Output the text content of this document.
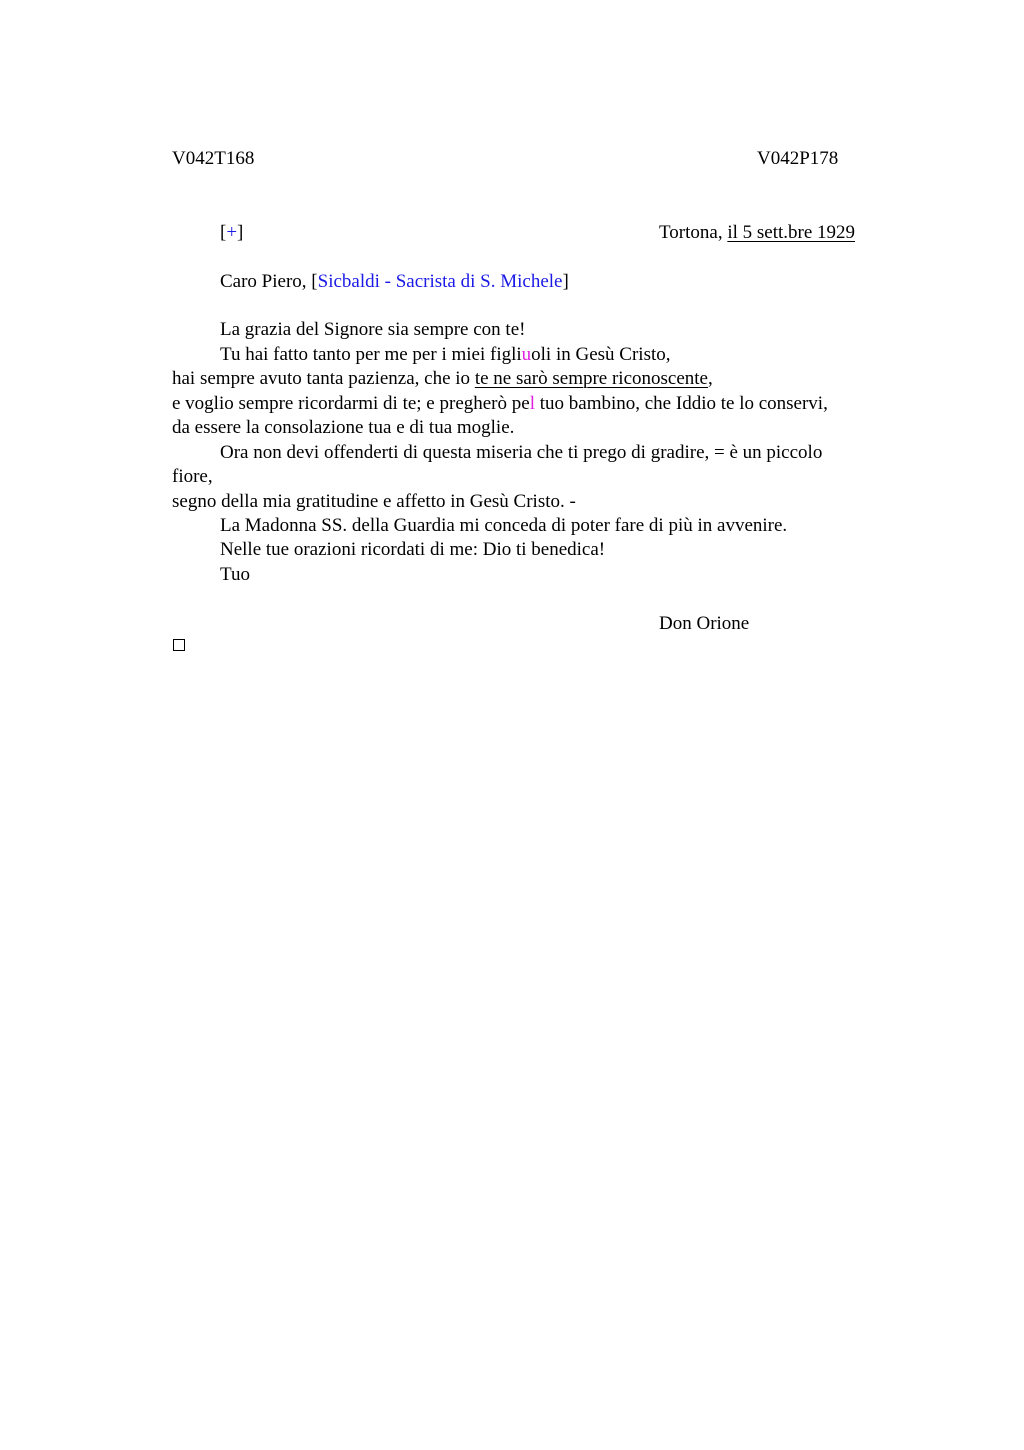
V042T168	V042P178
[+]	Tortona, il 5 sett.bre 1929
Caro Piero, [Sicbaldi - Sacrista di S. Michele]
La grazia del Signore sia sempre con te!
Tu hai fatto tanto per me per i miei figliuoli in Gesù Cristo,
hai sempre avuto tanta pazienza, che io te ne sarò sempre riconoscente,
e voglio sempre ricordarmi di te; e pregherò pel tuo bambino, che Iddio te lo conservi,
da essere la consolazione tua e di tua moglie.
Ora non devi offenderti di questa miseria che ti prego di gradire, = è un piccolo
fiore,
segno della mia gratitudine e affetto in Gesù Cristo. -
La Madonna SS. della Guardia mi conceda di poter fare di più in avvenire.
Nelle tue orazioni ricordati di me: Dio ti benedica!
Tuo
Don Orione
